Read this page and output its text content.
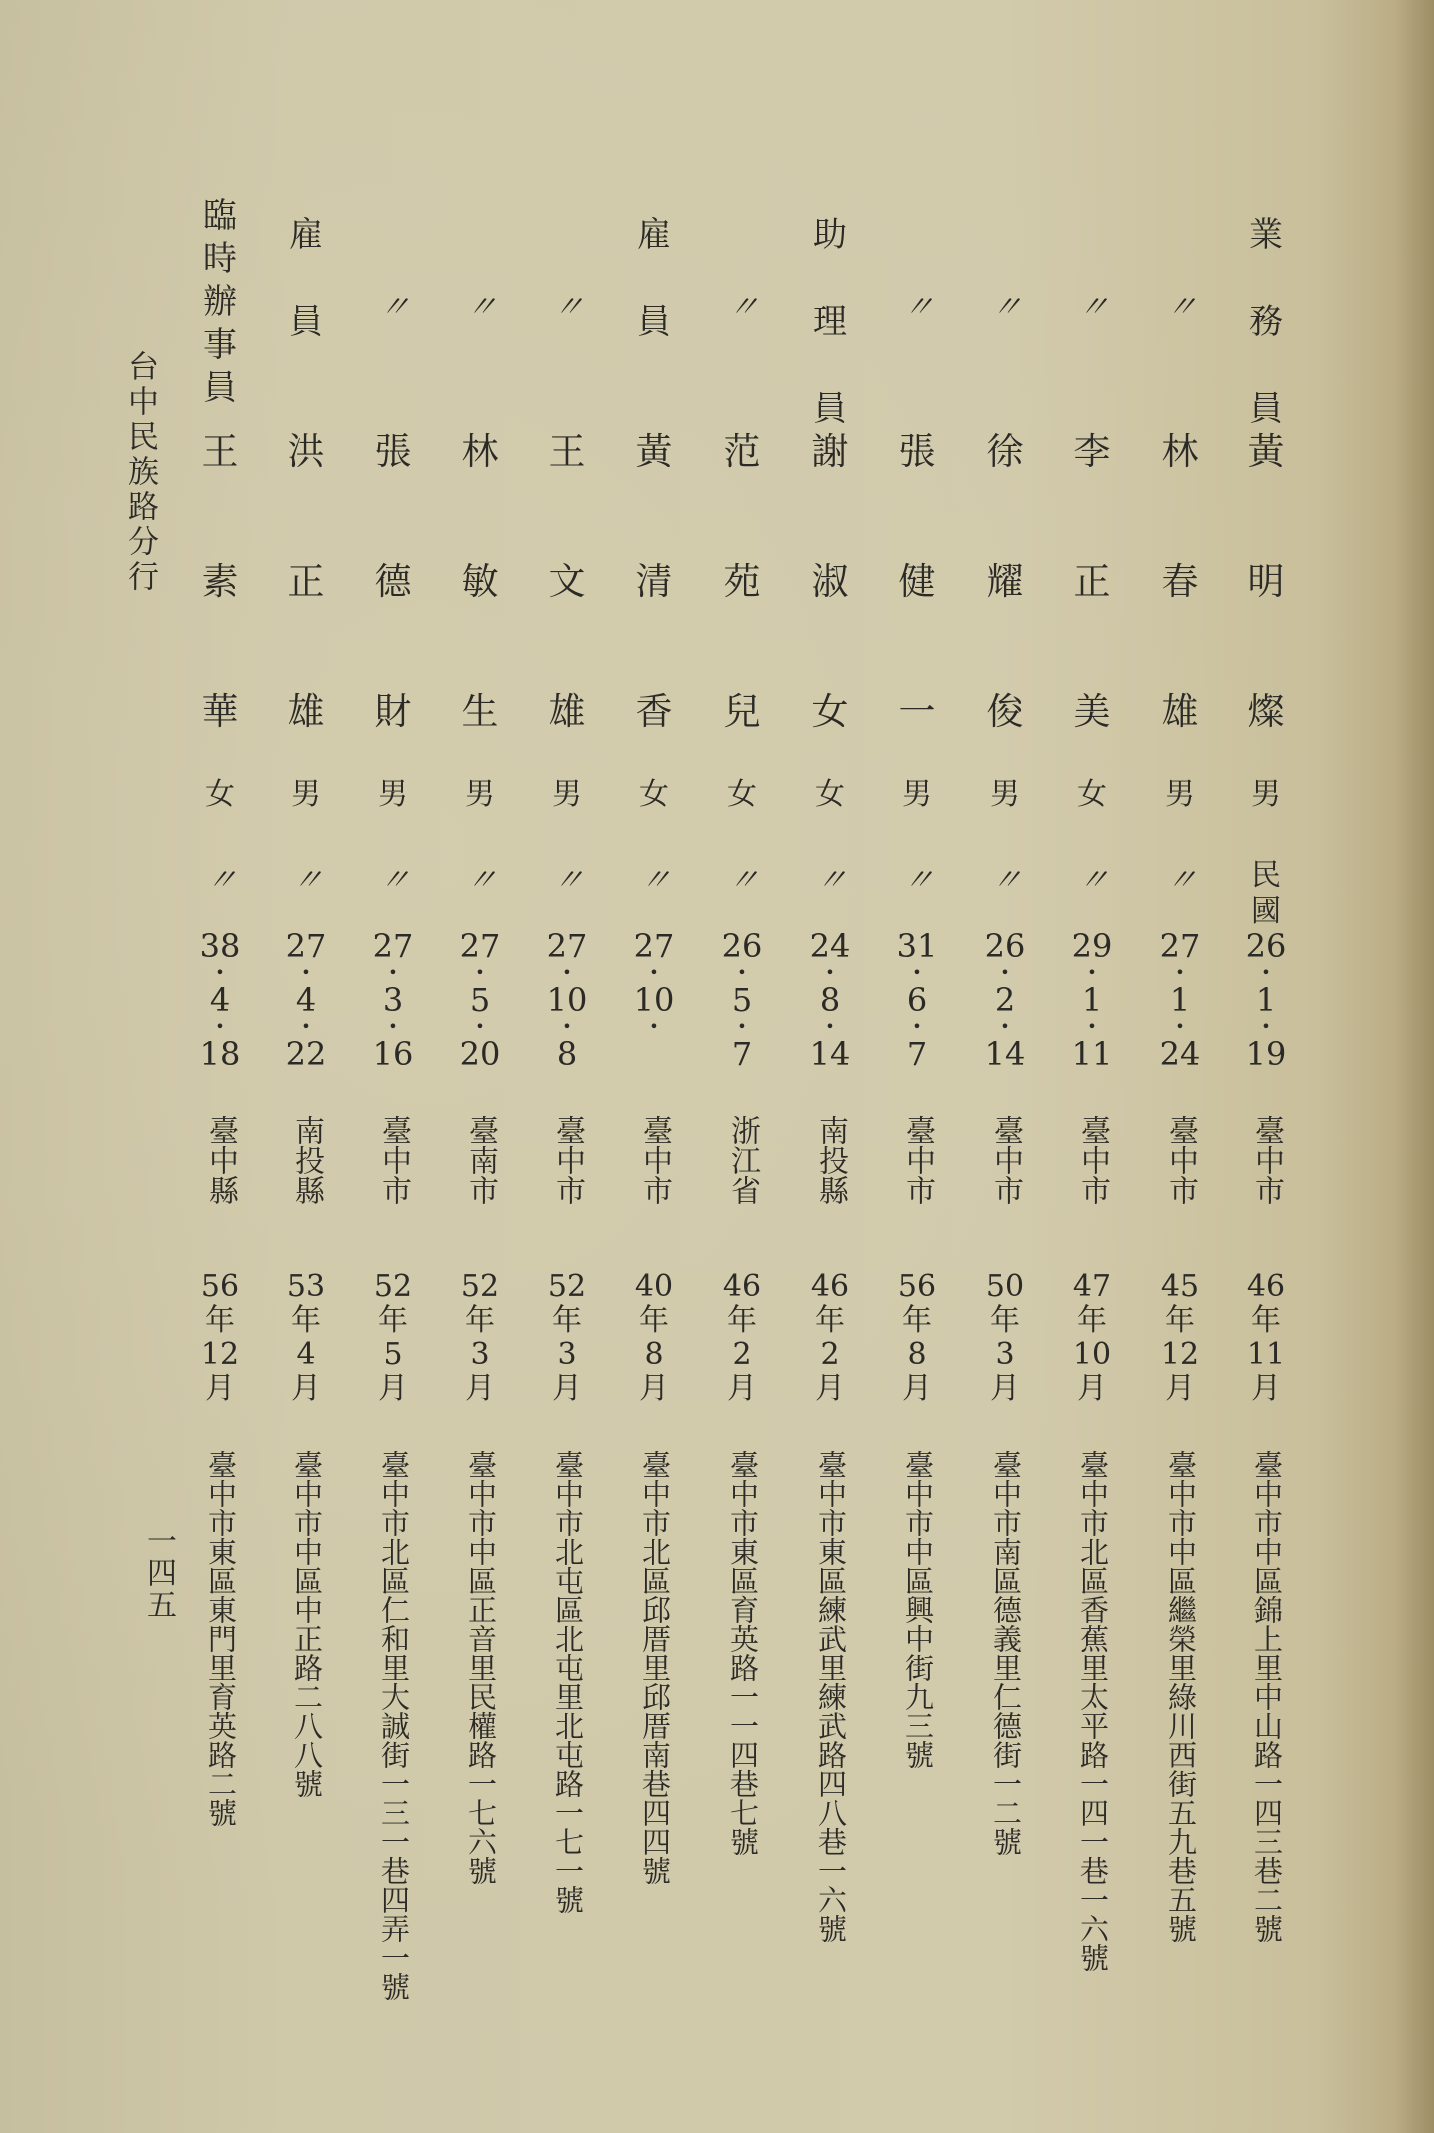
業
務
員
黃
明
燦
男
民
國
26
•
1
•
19
臺中市
46
年
11
月
臺中市中區錦上里中山路一四三巷二號
〃
林
春
雄
男
〃
27
•
1
•
24
臺中市
45
年
12
月
臺中市中區繼榮里綠川西街五九巷五號
〃
李
正
美
女
〃
29
•
1
•
11
臺中市
47
年
10
月
臺中市北區香蕉里太平路一四一巷一六號
〃
徐
耀
俊
男
〃
26
•
2
•
14
臺中市
50
年
3
月
臺中市南區德義里仁德街一二號
〃
張
健
一
男
〃
31
•
6
•
7
臺中市
56
年
8
月
臺中市中區興中街九三號
助
理
員
謝
淑
女
女
〃
24
•
8
•
14
南投縣
46
年
2
月
臺中市東區練武里練武路四八巷一六號
〃
范
苑
兒
女
〃
26
•
5
•
7
浙江省
46
年
2
月
臺中市東區育英路一一四巷七號
雇
員
黃
清
香
女
〃
27
•
10
•
臺中市
40
年
8
月
臺中市北區邱厝里邱厝南巷四四號
〃
王
文
雄
男
〃
27
•
10
•
8
臺中市
52
年
3
月
臺中市北屯區北屯里北屯路一七一號
〃
林
敏
生
男
〃
27
•
5
•
20
臺南市
52
年
3
月
臺中市中區正音里民權路一七六號
〃
張
德
財
男
〃
27
•
3
•
16
臺中市
52
年
5
月
臺中市北區仁和里大誠街一三一巷四弄一號
雇
員
洪
正
雄
男
〃
27
•
4
•
22
南投縣
53
年
4
月
臺中市中區中正路二八八號
臨
時
辦
事
員
王
素
華
女
〃
38
•
4
•
18
臺中縣
56
年
12
月
臺中市東區東門里育英路二號
台中民族路分行
一四五
